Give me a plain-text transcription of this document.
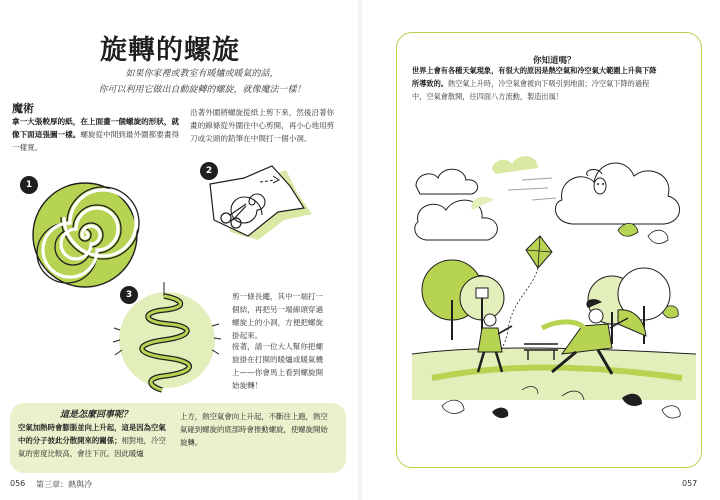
旋轉的螺旋
如果你家裡或教室有暖爐或暖氣的話，
你可以利用它做出自動旋轉的螺旋，就像魔法一樣！
魔術
拿一大張較厚的紙，在上面畫一個螺旋的形狀，就像下面這張圖一樣。螺旋從中間到最外圍都要畫得一樣寬。
沿著外圍將螺旋從紙上剪下來，然後沿著你畫的線條從外圍往中心剪開，再小心地用剪刀或尖頭的鉛筆在中間打一個小洞。
剪一條長繩，其中一端打一個結，再把另一端線頭穿過螺旋上的小洞，方便把螺旋掛起來。
接著，請一位大人幫你把螺旋掛在打開的暖爐或暖氣機上——你會馬上看到螺旋開始旋轉！
1
2
3
這是怎麼回事呢？
空氣加熱時會膨脹並向上升起，這是因為空氣中的分子彼此分散開來的關係；相對地，冷空氣的密度比較高，會往下沉。因此暖爐
上方，熱空氣會向上升起，不斷往上跑，熱空氣碰到螺旋的底部時會推動螺旋，使螺旋開始旋轉。
056 第三章：熱與冷
你知道嗎？
世界上會有各種天氣現象，有很大的原因是熱空氣和冷空氣大範圍上升與下降所導致的。熱空氣上升時，冷空氣會被向下吸引到地面；冷空氣下降的過程中，空氣會散開，往四面八方流動，製造出風！
057
